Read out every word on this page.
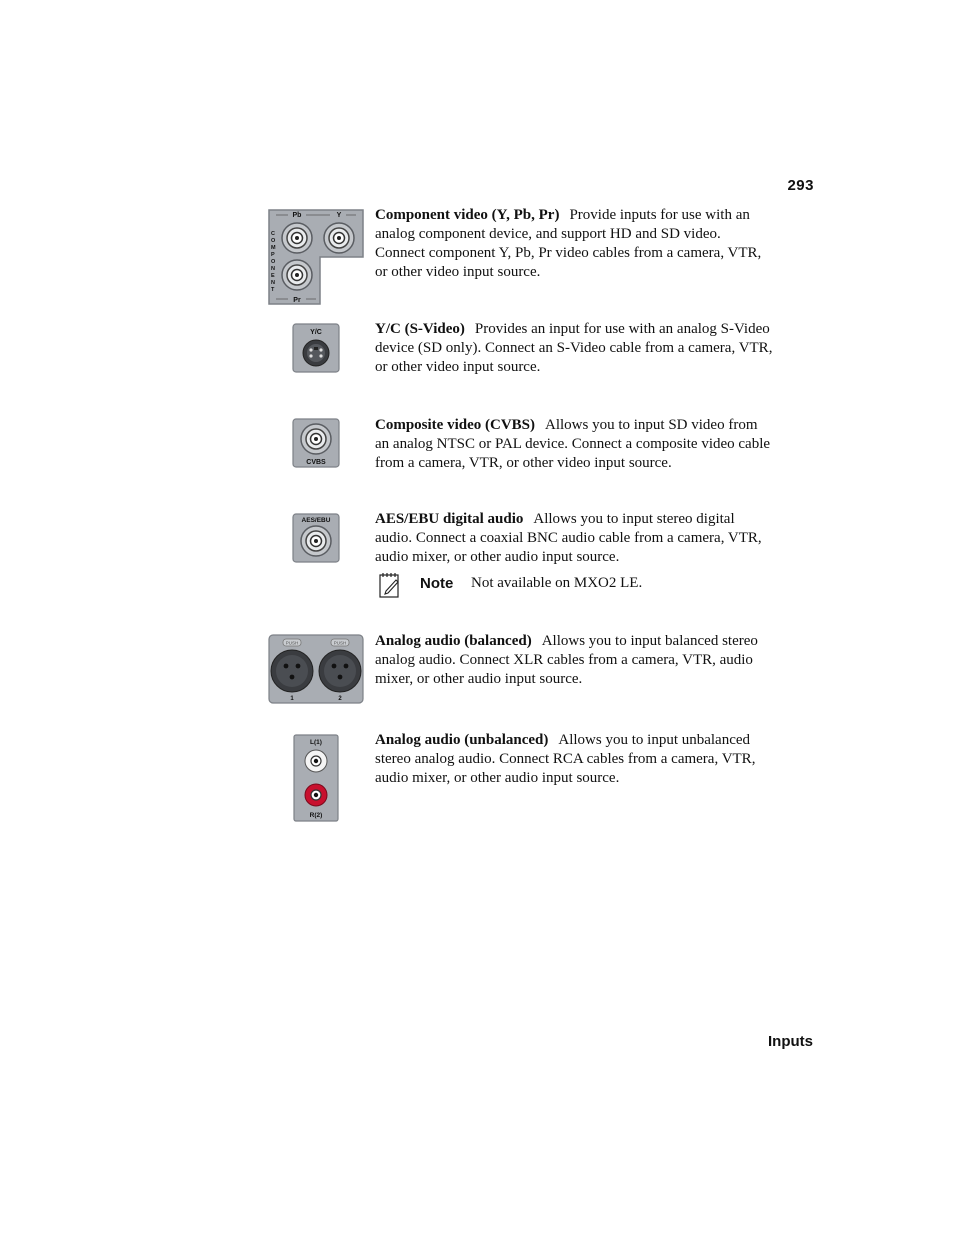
293
Pb	Y
Pr
C
O
M
P
O
N
E
N
T
Component video (Y, Pb, Pr) Provide inputs for use with an analog component device, and support HD and SD video. Connect component Y, Pb, Pr video cables from a camera, VTR, or other video input source.
Y/C	Y/C (S-Video) Provides an input for use with an analog S-Video device (SD only). Connect an S-Video cable from a camera, VTR, or other video input source.
CVBS
Composite video (CVBS) Allows you to input SD video from an analog NTSC or PAL device. Connect a composite video cable from a camera, VTR, or other video input source.
AES/EBU	AES/EBU digital audio Allows you to input stereo digital audio. Connect a coaxial BNC audio cable from a camera, VTR, audio mixer, or other audio input source.
Note Not available on MXO2 LE.
PUSH	PUSH
1	2
Analog audio (balanced) Allows you to input balanced stereo analog audio. Connect XLR cables from a camera, VTR, audio mixer, or other audio input source.
L(1)
R(2)
Analog audio (unbalanced) Allows you to input unbalanced stereo analog audio. Connect RCA cables from a camera, VTR, audio mixer, or other audio input source.
Inputs
